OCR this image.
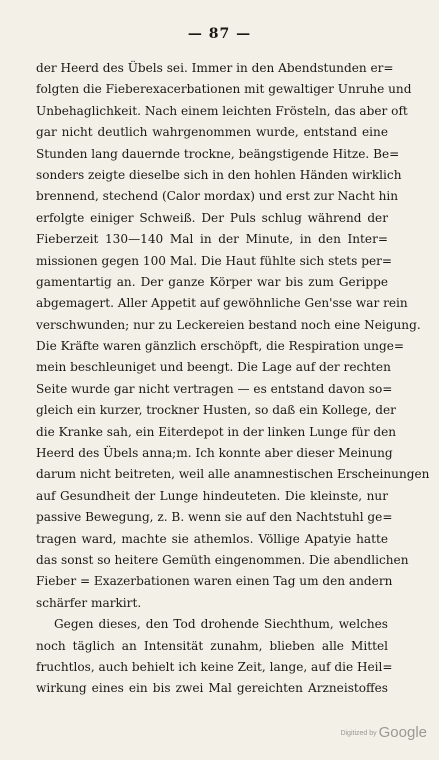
— 87 —
der Heerd des Übels sei. Immer in den Abendstunden er=
folgten die Fieberexacerbationen mit gewaltiger Unruhe und
Unbehaglichkeit. Nach einem leichten Frösteln, das aber oft
gar nicht deutlich wahrgenommen wurde, entstand eine
Stunden lang dauernde trockne, beängstigende Hitze. Be=
sonders zeigte dieselbe sich in den hohlen Händen wirklich
brennend, stechend (Calor mordax) und erst zur Nacht hin
erfolgte einiger Schweiß. Der Puls schlug während der
Fieberzeit 130—140 Mal in der Minute, in den Inter=
missionen gegen 100 Mal. Die Haut fühlte sich stets per=
gamentartig an. Der ganze Körper war bis zum Gerippe
abgemagert. Aller Appetit auf gewöhnliche Gen'sse war rein
verschwunden; nur zu Leckereien bestand noch eine Neigung.
Die Kräfte waren gänzlich erschöpft, die Respiration unge=
mein beschleuniget und beengt. Die Lage auf der rechten
Seite wurde gar nicht vertragen — es entstand davon so=
gleich ein kurzer, trockner Husten, so daß ein Kollege, der
die Kranke sah, ein Eiterdepot in der linken Lunge für den
Heerd des Übels anna;m. Ich konnte aber dieser Meinung
darum nicht beitreten, weil alle anamnestischen Erscheinungen
auf Gesundheit der Lunge hindeuteten. Die kleinste, nur
passive Bewegung, z. B. wenn sie auf den Nachtstuhl ge=
tragen ward, machte sie athemlos. Völlige Apatyie hatte
das sonst so heitere Gemüth eingenommen. Die abendlichen
Fieber = Exazerbationen waren einen Tag um den andern
schärfer markirt.
Gegen dieses, den Tod drohende Siechthum, welches
noch täglich an Intensität zunahm, blieben alle Mittel
fruchtlos, auch behielt ich keine Zeit, lange, auf die Heil=
wirkung eines ein bis zwei Mal gereichten Arzneistoffes
Digitized by Google
